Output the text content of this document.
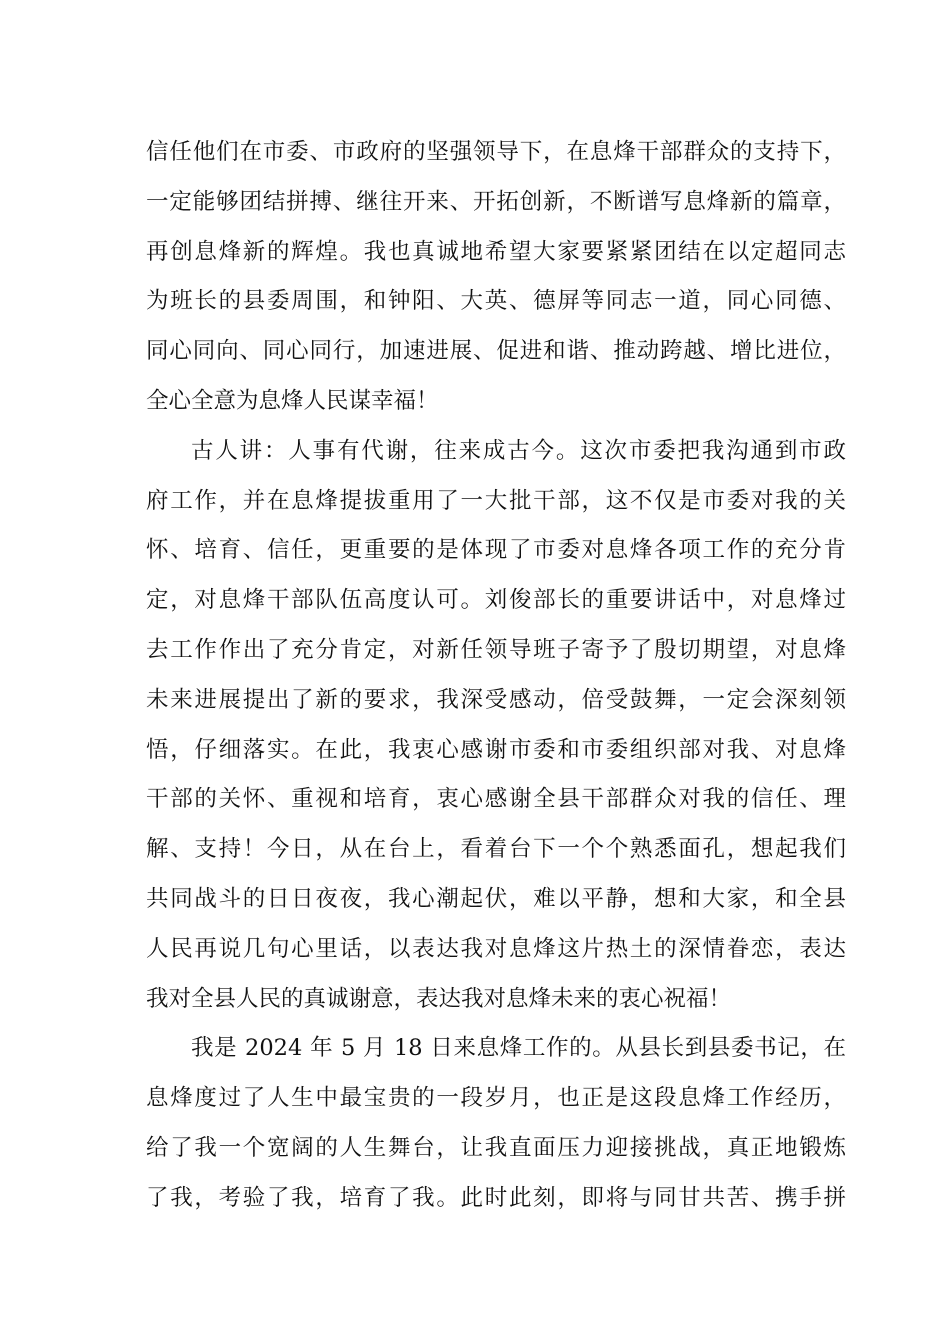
信任他们在市委、市政府的坚强领导下，在息烽干部群众的支持下，
一定能够团结拼搏、继往开来、开拓创新，不断谱写息烽新的篇章，
再创息烽新的辉煌。我也真诚地希望大家要紧紧团结在以定超同志
为班长的县委周围，和钟阳、大英、德屏等同志一道，同心同德、
同心同向、同心同行，加速进展、促进和谐、推动跨越、增比进位，
全心全意为息烽人民谋幸福！
古人讲：人事有代谢，往来成古今。这次市委把我沟通到市政
府工作，并在息烽提拔重用了一大批干部，这不仅是市委对我的关
怀、培育、信任，更重要的是体现了市委对息烽各项工作的充分肯
定，对息烽干部队伍高度认可。刘俊部长的重要讲话中，对息烽过
去工作作出了充分肯定，对新任领导班子寄予了殷切期望，对息烽
未来进展提出了新的要求，我深受感动，倍受鼓舞，一定会深刻领
悟，仔细落实。在此，我衷心感谢市委和市委组织部对我、对息烽
干部的关怀、重视和培育，衷心感谢全县干部群众对我的信任、理
解、支持！今日，从在台上，看着台下一个个熟悉面孔，想起我们
共同战斗的日日夜夜，我心潮起伏，难以平静，想和大家，和全县
人民再说几句心里话，以表达我对息烽这片热土的深情眷恋，表达
我对全县人民的真诚谢意，表达我对息烽未来的衷心祝福！
我是 2024 年 5 月 18 日来息烽工作的。从县长到县委书记，在
息烽度过了人生中最宝贵的一段岁月，也正是这段息烽工作经历，
给了我一个宽阔的人生舞台，让我直面压力迎接挑战，真正地锻炼
了我，考验了我，培育了我。此时此刻，即将与同甘共苦、携手拼
